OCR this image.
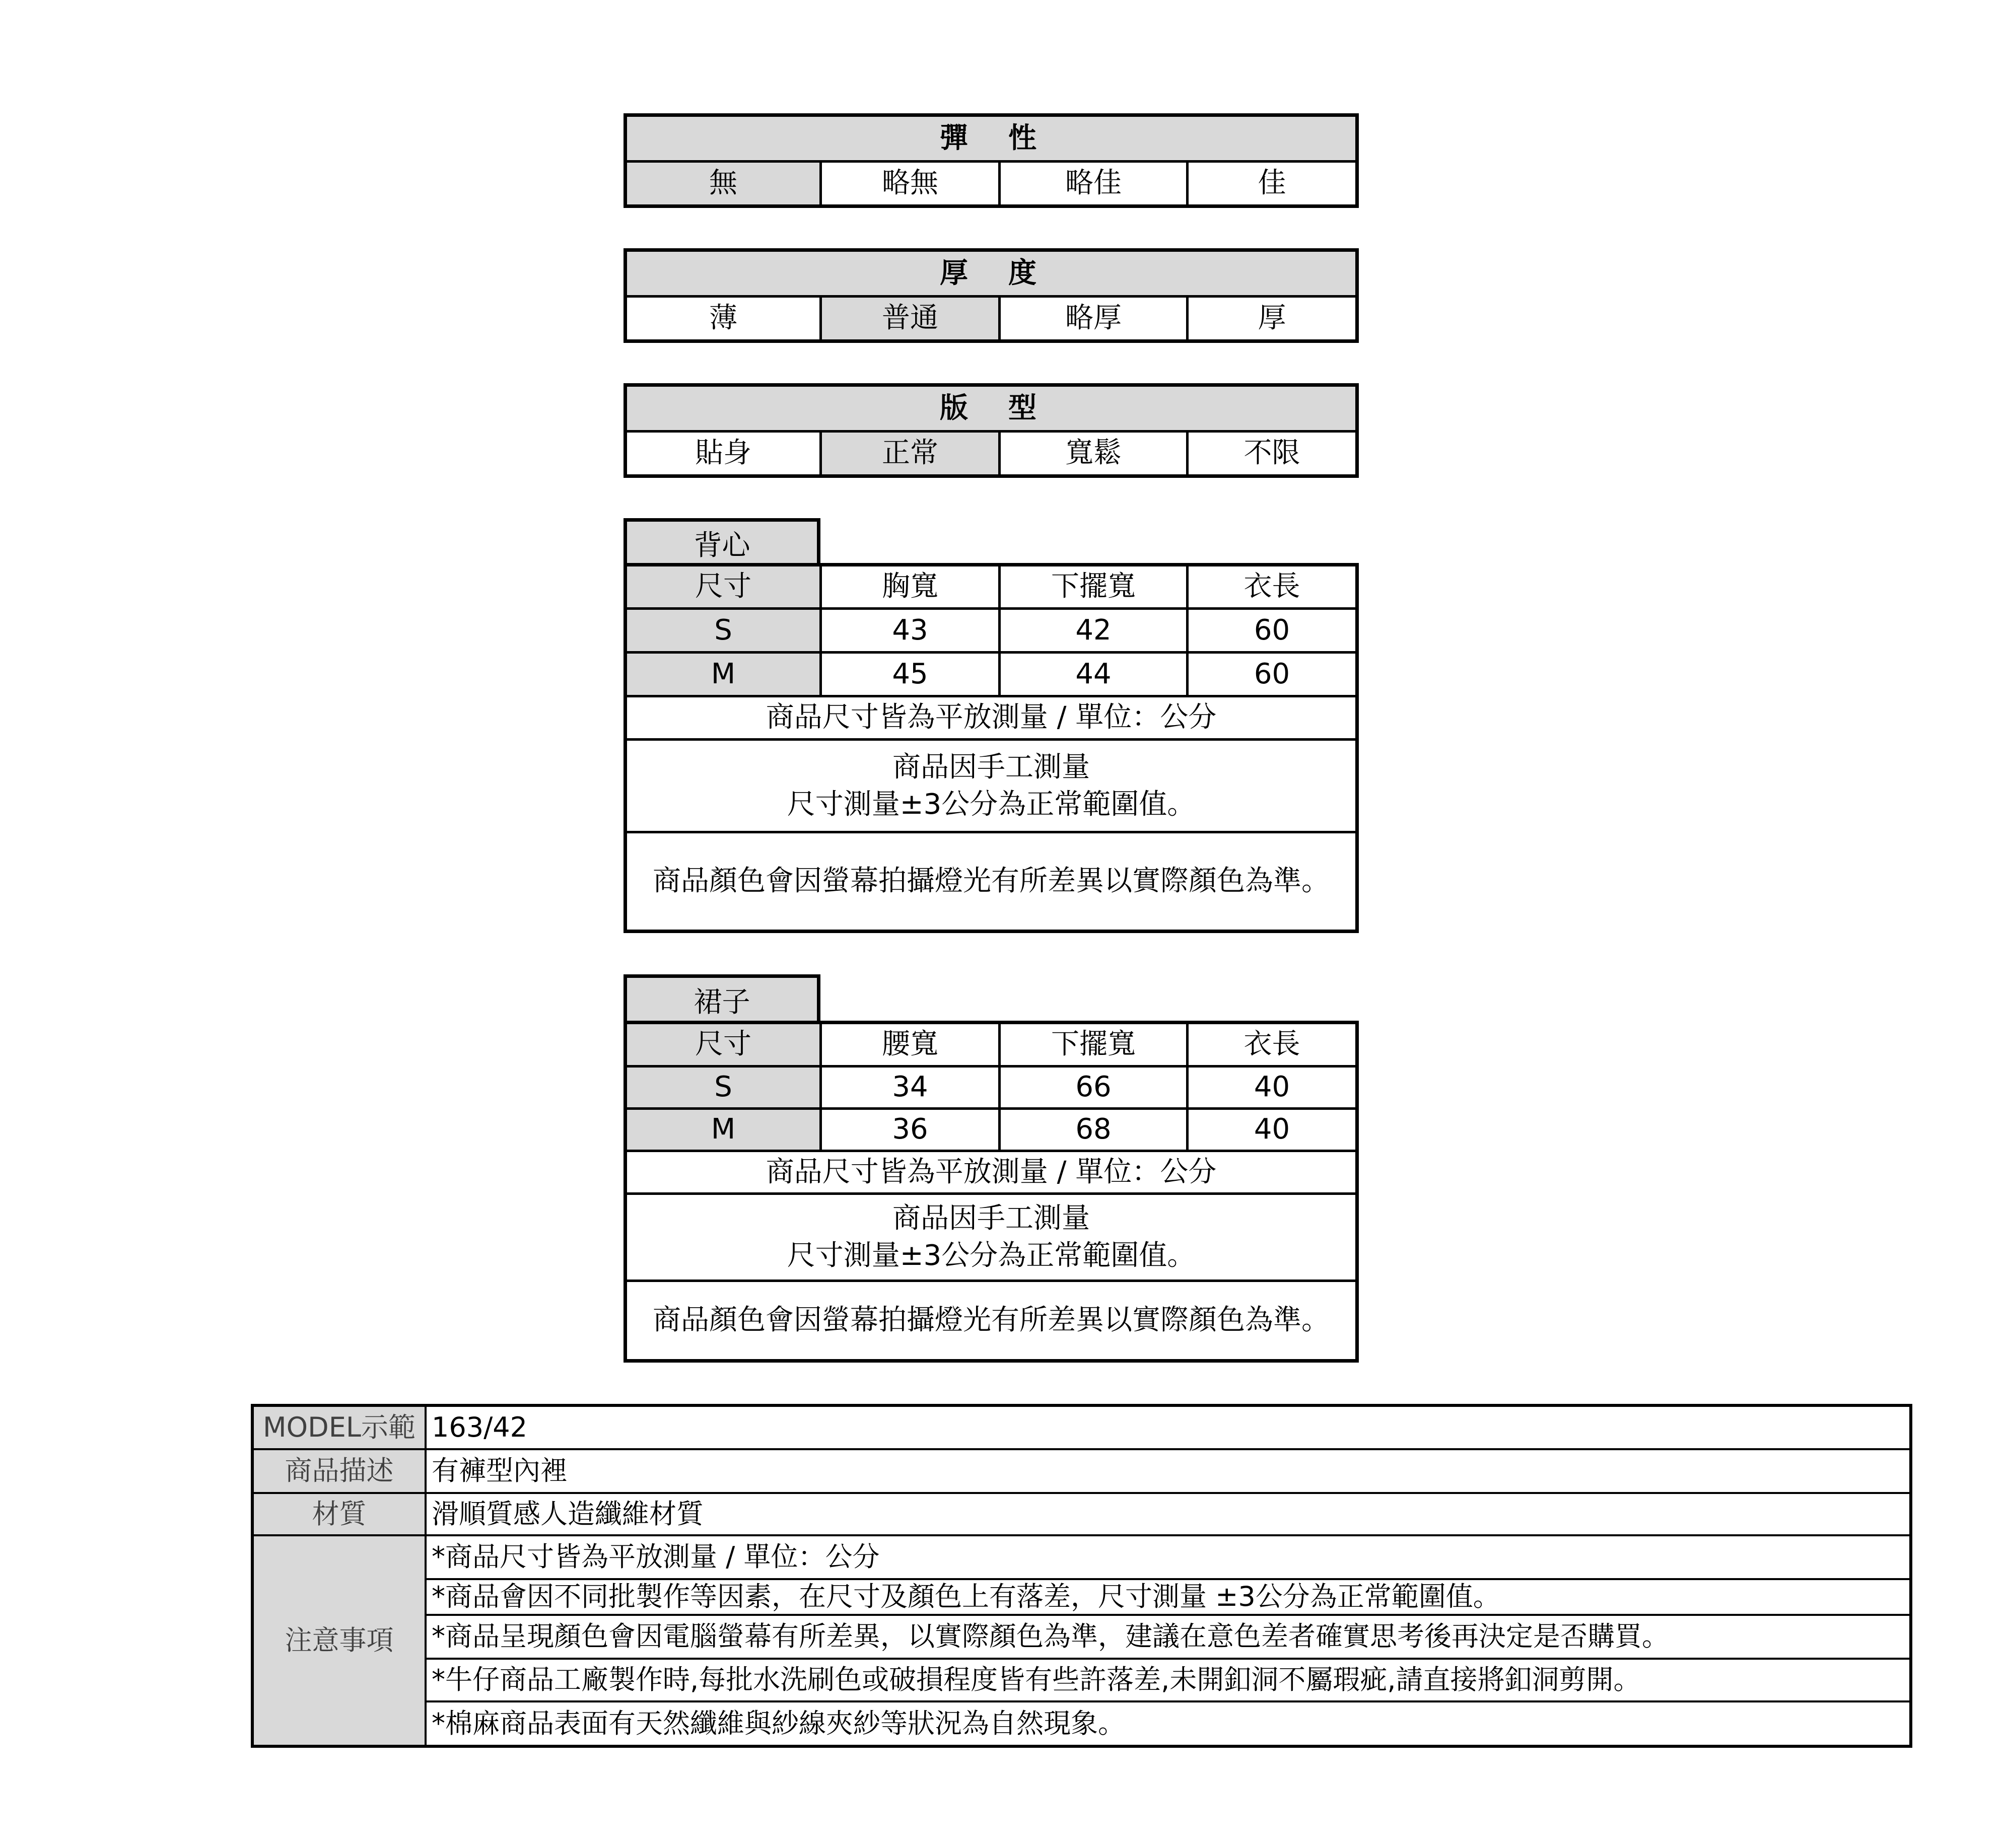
彈　性
無	略無	略佳	佳
厚　度
薄	普通	略厚	厚
版　型
貼身	正常	寬鬆	不限
背心
尺寸	胸寬	下擺寬	衣長
S	43	42	60
M	45	44	60
商品尺寸皆為平放測量 / 單位：公分			

商品因手工測量
尺寸測量±3公分為正常範圍值。			

商品顏色會因螢幕拍攝燈光有所差異以實際顏色為準。			
裙子
尺寸	腰寬	下擺寬	衣長
S	34	66	40
M	36	68	40
商品尺寸皆為平放測量 / 單位：公分			

商品因手工測量
尺寸測量±3公分為正常範圍值。			

商品顏色會因螢幕拍攝燈光有所差異以實際顏色為準。			
MODEL示範	163/42
商品描述	有褲型內裡
材質	滑順質感人造纖維材質
注意事項	*商品尺寸皆為平放測量 / 單位：公分
	*商品會因不同批製作等因素，在尺寸及顏色上有落差，尺寸測量 ±3公分為正常範圍值。
	*商品呈現顏色會因電腦螢幕有所差異，以實際顏色為準，建議在意色差者確實思考後再決定是否購買。
	*牛仔商品工廠製作時,每批水洗刷色或破損程度皆有些許落差,未開釦洞不屬瑕疵,請直接將釦洞剪開。
	*棉麻商品表面有天然纖維與紗線夾紗等狀況為自然現象。
